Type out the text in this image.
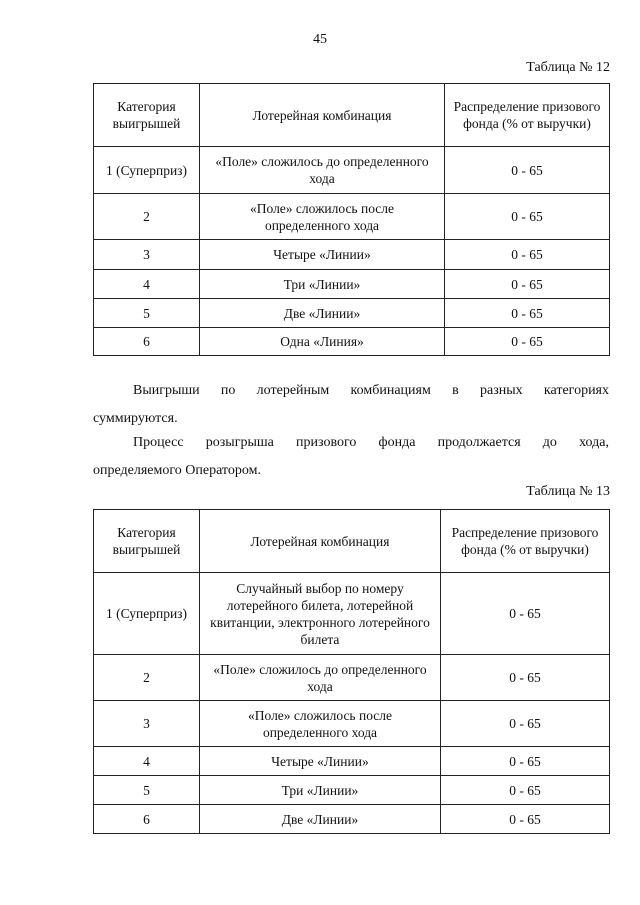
45
Таблица № 12
Категория выигрышей	Лотерейная комбинация	Распределение призового фонда (% от выручки)
1 (Суперприз)	«Поле» сложилось до определенного хода	0 - 65
2	«Поле» сложилось после определенного хода	0 - 65
3	Четыре «Линии»	0 - 65
4	Три «Линии»	0 - 65
5	Две «Линии»	0 - 65
6	Одна «Линия»	0 - 65
Выигрыши по лотерейным комбинациям в разных категориях
суммируются.
Процесс розыгрыша призового фонда продолжается до хода,
определяемого Оператором.
Таблица № 13
Категория выигрышей	Лотерейная комбинация	Распределение призового фонда (% от выручки)
1 (Суперприз)	Случайный выбор по номеру лотерейного билета, лотерейной квитанции, электронного лотерейного билета	0 - 65
2	«Поле» сложилось до определенного хода	0 - 65
3	«Поле» сложилось после определенного хода	0 - 65
4	Четыре «Линии»	0 - 65
5	Три «Линии»	0 - 65
6	Две «Линии»	0 - 65
